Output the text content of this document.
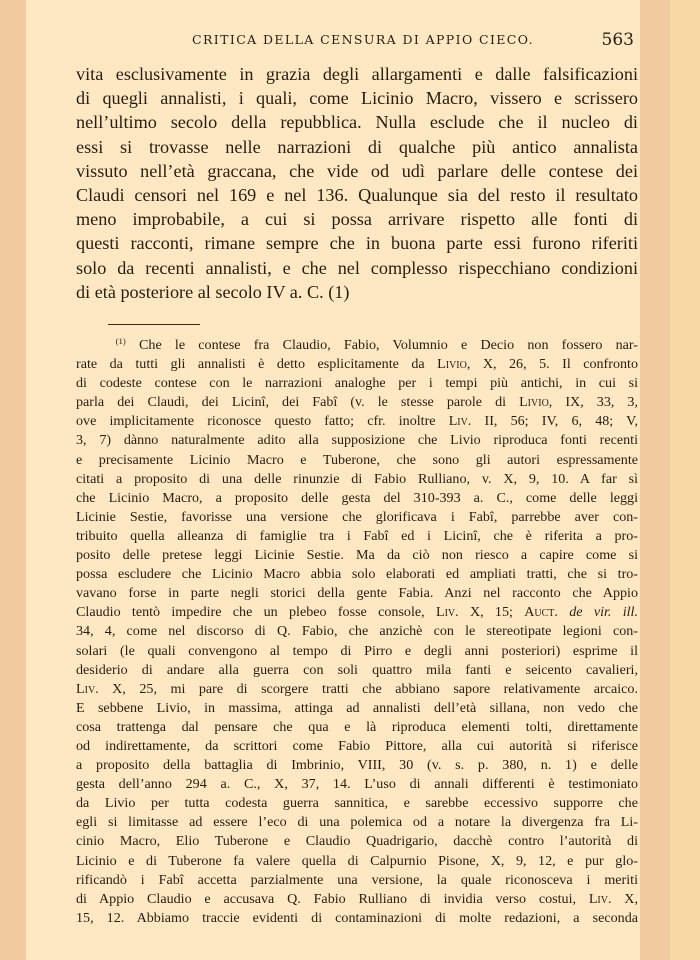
CRITICA DELLA CENSURA DI APPIO CIECO.	563
vita esclusivamente in grazia degli allargamenti e dalle falsificazioni
di quegli annalisti, i quali, come Licinio Macro, vissero e scrissero
nell’ultimo secolo della repubblica. Nulla esclude che il nucleo di
essi si trovasse nelle narrazioni di qualche più antico annalista
vissuto nell’età graccana, che vide od udì parlare delle contese dei
Claudi censori nel 169 e nel 136. Qualunque sia del resto il resultato
meno improbabile, a cui si possa arrivare rispetto alle fonti di
questi racconti, rimane sempre che in buona parte essi furono riferiti
solo da recenti annalisti, e che nel complesso rispecchiano condizioni
di età posteriore al secolo IV a. C. (1)
$^{(1)}$ Che le contese fra Claudio, Fabio, Volumnio e Decio non fossero nar-
rate da tutti gli annalisti è detto esplicitamente da Livio, X, 26, 5. Il confronto
di codeste contese con le narrazioni analoghe per i tempi più antichi, in cui si
parla dei Claudi, dei Licinî, dei Fabî (v. le stesse parole di Livio, IX, 33, 3,
ove implicitamente riconosce questo fatto; cfr. inoltre Liv. II, 56; IV, 6, 48; V,
3, 7) dànno naturalmente adito alla supposizione che Livio riproduca fonti recenti
e precisamente Licinio Macro e Tuberone, che sono gli autori espressamente
citati a proposito di una delle rinunzie di Fabio Rulliano, v. X, 9, 10. A far sì
che Licinio Macro, a proposito delle gesta del 310-393 a. C., come delle leggi
Licinie Sestie, favorisse una versione che glorificava i Fabî, parrebbe aver con-
tribuito quella alleanza di famiglie tra i Fabî ed i Licinî, che è riferita a pro-
posito delle pretese leggi Licinie Sestie. Ma da ciò non riesco a capire come si
possa escludere che Licinio Macro abbia solo elaborati ed ampliati tratti, che si tro-
vavano forse in parte negli storici della gente Fabia. Anzi nel racconto che Appio
Claudio tentò impedire che un plebeo fosse console, Liv. X, 15; Auct. de vir. ill.
34, 4, come nel discorso di Q. Fabio, che anzichè con le stereotipate legioni con-
solari (le quali convengono al tempo di Pirro e degli anni posteriori) esprime il
desiderio di andare alla guerra con soli quattro mila fanti e seicento cavalieri,
Liv. X, 25, mi pare di scorgere tratti che abbiano sapore relativamente arcaico.
E sebbene Livio, in massima, attinga ad annalisti dell’età sillana, non vedo che
cosa trattenga dal pensare che qua e là riproduca elementi tolti, direttamente
od indirettamente, da scrittori come Fabio Pittore, alla cui autorità si riferisce
a proposito della battaglia di Imbrinio, VIII, 30 (v. s. p. 380, n. 1) e delle
gesta dell’anno 294 a. C., X, 37, 14. L’uso di annali differenti è testimoniato
da Livio per tutta codesta guerra sannitica, e sarebbe eccessivo supporre che
egli si limitasse ad essere l’eco di una polemica od a notare la divergenza fra Li-
cinio Macro, Elio Tuberone e Claudio Quadrigario, dacchè contro l’autorità di
Licinio e di Tuberone fa valere quella di Calpurnio Pisone, X, 9, 12, e pur glo-
rificandò i Fabî accetta parzialmente una versione, la quale riconosceva i meriti
di Appio Claudio e accusava Q. Fabio Rulliano di invidia verso costui, Liv. X,
15, 12. Abbiamo traccie evidenti di contaminazioni di molte redazioni, a seconda
